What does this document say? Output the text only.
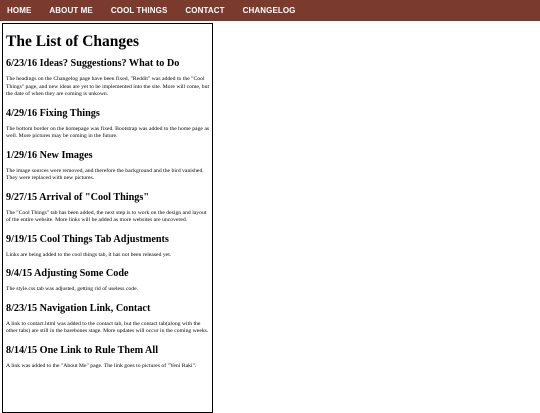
HOME ABOUT ME COOL THINGS CONTACT CHANGELOG
The List of Changes
6/23/16 Ideas? Suggestions? What to Do
The headings on the Changelog page have been fixed, "Reddit" was added to the "Cool Things" page, and new ideas are yet to be implemented into the site. More will come, but the date of when they are coming is unkown.
4/29/16 Fixing Things
The bottom border on the homepage was fixed. Bootstrap was added to the home page as well. More pictures may be coming in the future.
1/29/16 New Images
The image sources were removed, and therefore the background and the bird vanished. They were replaced with new pictures.
9/27/15 Arrival of "Cool Things"
The "Cool Things" tab has been added, the next step is to work on the design and layout of the entire website. More links will be added as more websites are uncovered.
9/19/15 Cool Things Tab Adjustments
Links are being added to the cool things tab, it has not been released yet.
9/4/15 Adjusting Some Code
The style.css tab was adjusted, getting rid of useless code.
8/23/15 Navigation Link, Contact
A link to contact.html was added to the contact tab, but the contact tab(along with the other tabs) are still in the barebones stage. More updates will occur in the coming weeks.
8/14/15 One Link to Rule Them All
A link was added to the "About Me" page. The link goes to pictures of "Yeni Raki".
